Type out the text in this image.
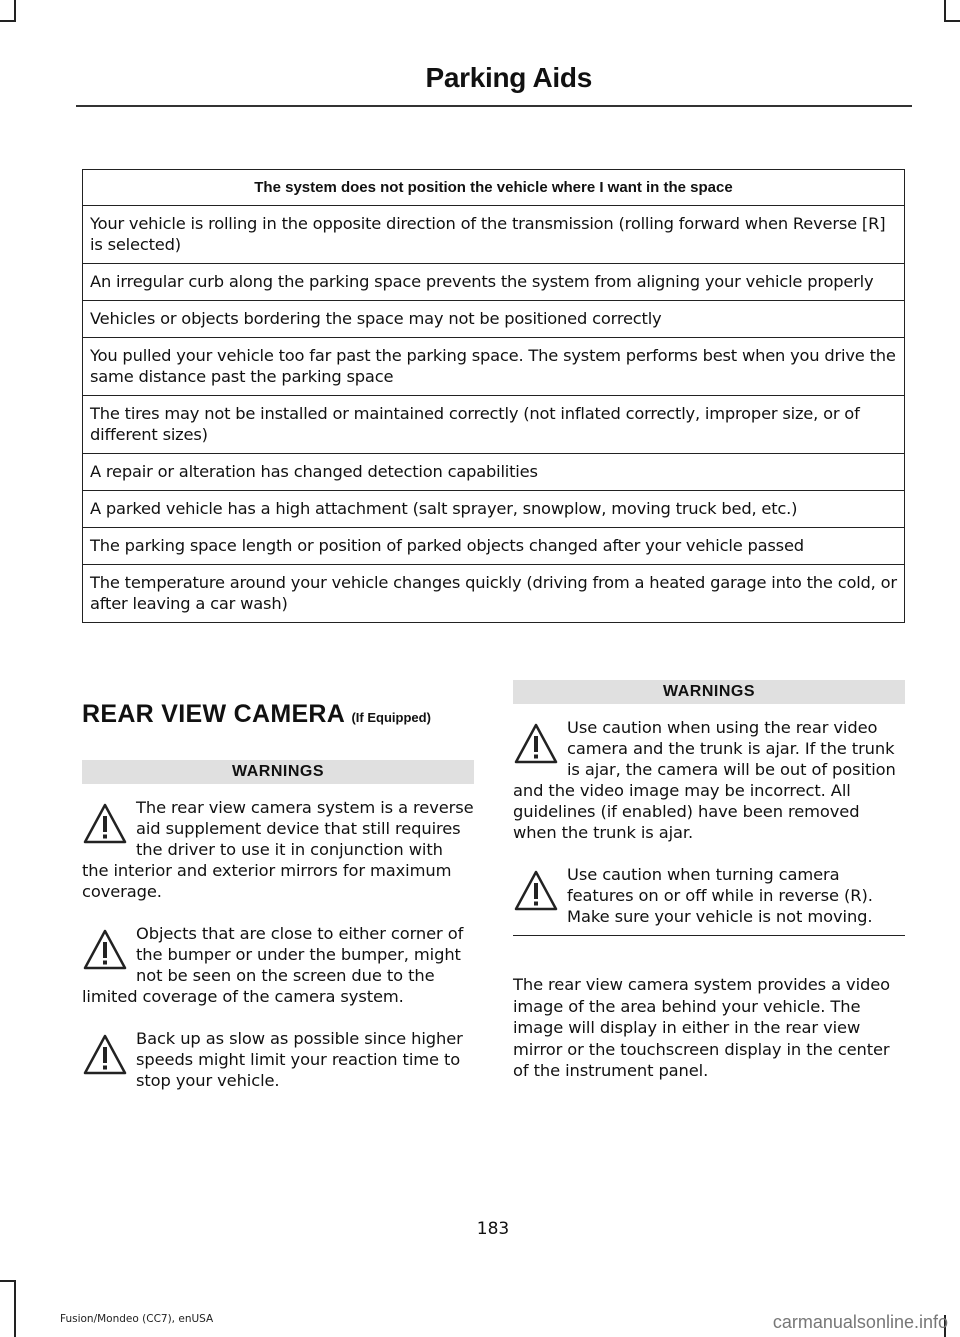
Parking Aids
The system does not position the vehicle where I want in the space
Your vehicle is rolling in the opposite direction of the transmission (rolling forward when Reverse [R] is selected)
An irregular curb along the parking space prevents the system from aligning your vehicle properly
Vehicles or objects bordering the space may not be positioned correctly
You pulled your vehicle too far past the parking space. The system performs best when you drive the same distance past the parking space
The tires may not be installed or maintained correctly (not inflated correctly, improper size, or of different sizes)
A repair or alteration has changed detection capabilities
A parked vehicle has a high attachment (salt sprayer, snowplow, moving truck bed, etc.)
The parking space length or position of parked objects changed after your vehicle passed
The temperature around your vehicle changes quickly (driving from a heated garage into the cold, or after leaving a car wash)
REAR VIEW CAMERA (If Equipped)
WARNINGS
The rear view camera system is a reverse aid supplement device that still requires the driver to use it in conjunction with the interior and exterior mirrors for maximum coverage.
Objects that are close to either corner of the bumper or under the bumper, might not be seen on the screen due to the limited coverage of the camera system.
Back up as slow as possible since higher speeds might limit your reaction time to stop your vehicle.
WARNINGS
Use caution when using the rear video camera and the trunk is ajar. If the trunk is ajar, the camera will be out of position and the video image may be incorrect. All guidelines (if enabled) have been removed when the trunk is ajar.
Use caution when turning camera features on or off while in reverse (R). Make sure your vehicle is not moving.

The rear view camera system provides a video image of the area behind your vehicle. The image will display in either in the rear view mirror or the touchscreen display in the center of the instrument panel.

183
Fusion/Mondeo (CC7), enUSA	carmanualsonline.info
